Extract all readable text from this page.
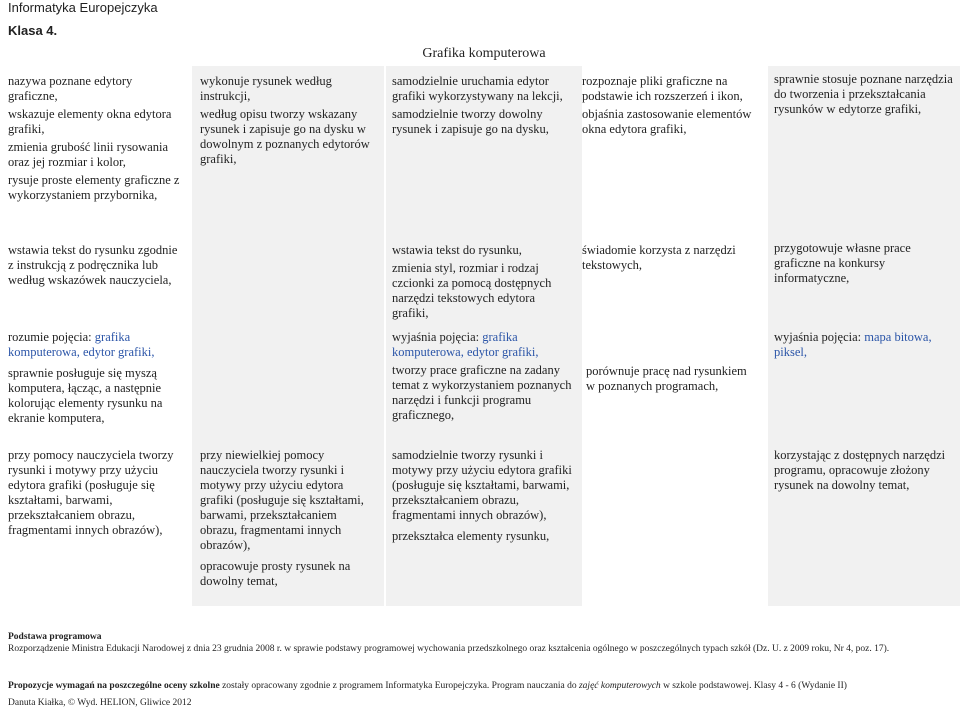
Informatyka Europejczyka
Klasa 4.
Grafika komputerowa

nazywa poznane edytory graficzne,

wskazuje elementy okna edytora grafiki,

zmienia grubość linii rysowania oraz jej rozmiar i kolor,

rysuje proste elementy graficzne z wykorzystaniem przybornika,

wykonuje rysunek według instrukcji,

według opisu tworzy wskazany rysunek i zapisuje go na dysku w dowolnym z poznanych edytorów grafiki,

samodzielnie uruchamia edytor grafiki wykorzystywany na lekcji,

samodzielnie tworzy dowolny rysunek i zapisuje go na dysku,

rozpoznaje pliki graficzne na podstawie ich rozszerzeń i ikon,

objaśnia zastosowanie elementów okna edytora grafiki,

sprawnie stosuje poznane narzędzia do tworzenia i przekształcania rysunków w edytorze grafiki,

wstawia tekst do rysunku zgodnie z instrukcją z podręcznika lub według wskazówek nauczyciela,

wstawia tekst do rysunku,

zmienia styl, rozmiar i rodzaj czcionki za pomocą dostępnych narzędzi tekstowych edytora grafiki,

świadomie korzysta z narzędzi tekstowych,

przygotowuje własne prace graficzne na konkursy informatyczne,

rozumie pojęcia: grafika komputerowa, edytor grafiki,

sprawnie posługuje się myszą komputera, łącząc, a następnie kolorując elementy rysunku na ekranie komputera,

wyjaśnia pojęcia: grafika komputerowa, edytor grafiki,

tworzy prace graficzne na zadany temat z wykorzystaniem poznanych narzędzi i funkcji programu graficznego,

porównuje pracę nad rysunkiem w poznanych programach,

wyjaśnia pojęcia: mapa bitowa, piksel,

przy pomocy nauczyciela tworzy rysunki i motywy przy użyciu edytora grafiki (posługuje się kształtami, barwami, przekształcaniem obrazu, fragmentami innych obrazów),

przy niewielkiej pomocy nauczyciela tworzy rysunki i motywy przy użyciu edytora grafiki (posługuje się kształtami, barwami, przekształcaniem obrazu, fragmentami innych obrazów),

opracowuje prosty rysunek na dowolny temat,

samodzielnie tworzy rysunki i motywy przy użyciu edytora grafiki (posługuje się kształtami, barwami, przekształcaniem obrazu, fragmentami innych obrazów),

przekształca elementy rysunku,

korzystając z dostępnych narzędzi programu, opracowuje złożony rysunek na dowolny temat,

Podstawa programowa
Rozporządzenie Ministra Edukacji Narodowej z dnia 23 grudnia 2008 r. w sprawie podstawy programowej wychowania przedszkolnego oraz kształcenia ogólnego w poszczególnych typach szkół (Dz. U. z 2009 roku, Nr 4, poz. 17).
Propozycje wymagań na poszczególne oceny szkolne zostały opracowany zgodnie z programem Informatyka Europejczyka. Program nauczania do zajęć komputerowych w szkole podstawowej. Klasy 4 - 6 (Wydanie II)
Danuta Kiałka, © Wyd. HELION, Gliwice 2012
